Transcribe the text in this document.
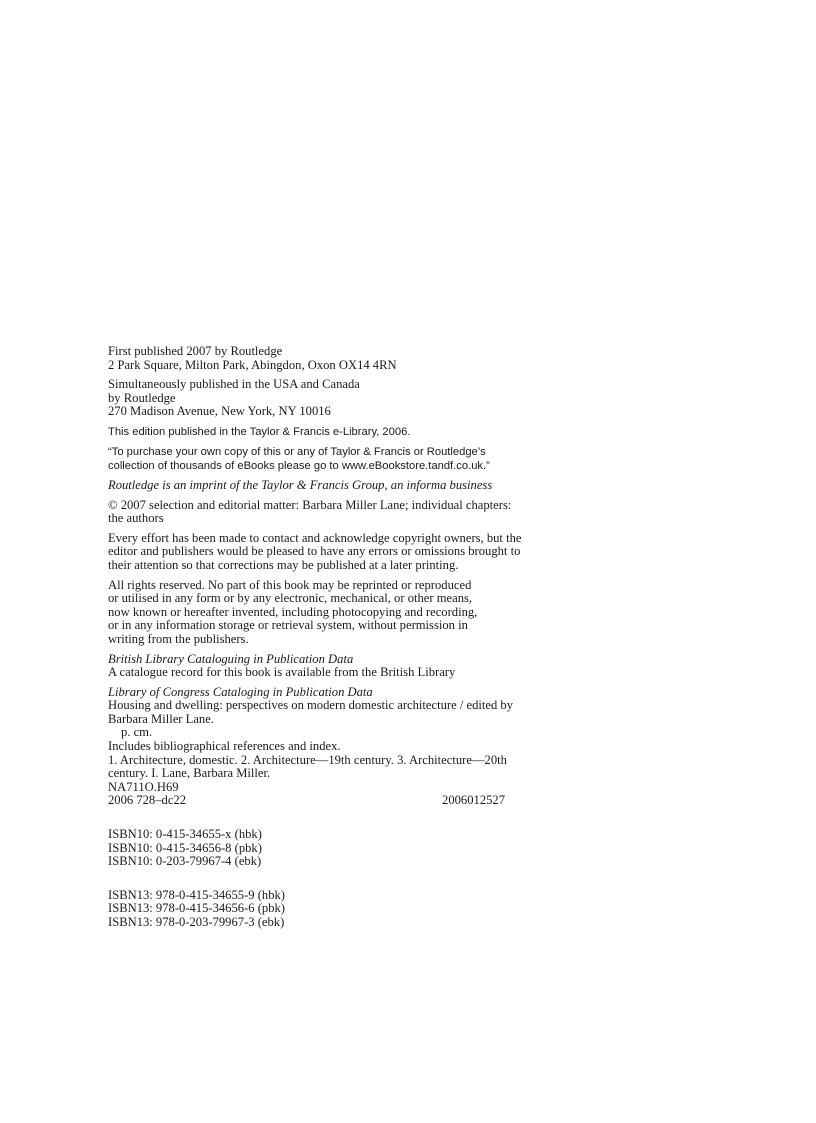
First published 2007 by Routledge
2 Park Square, Milton Park, Abingdon, Oxon OX14 4RN
Simultaneously published in the USA and Canada
by Routledge
270 Madison Avenue, New York, NY 10016
This edition published in the Taylor & Francis e-Library, 2006.
“To purchase your own copy of this or any of Taylor & Francis or Routledge’s
collection of thousands of eBooks please go to www.eBookstore.tandf.co.uk.”
Routledge is an imprint of the Taylor & Francis Group, an informa business
© 2007 selection and editorial matter: Barbara Miller Lane; individual chapters:
the authors
Every effort has been made to contact and acknowledge copyright owners, but the
editor and publishers would be pleased to have any errors or omissions brought to
their attention so that corrections may be published at a later printing.
All rights reserved. No part of this book may be reprinted or reproduced
or utilised in any form or by any electronic, mechanical, or other means,
now known or hereafter invented, including photocopying and recording,
or in any information storage or retrieval system, without permission in
writing from the publishers.
British Library Cataloguing in Publication Data
A catalogue record for this book is available from the British Library
Library of Congress Cataloging in Publication Data
Housing and dwelling: perspectives on modern domestic architecture / edited by
Barbara Miller Lane.
p. cm.
Includes bibliographical references and index.
1. Architecture, domestic. 2. Architecture—19th century. 3. Architecture—20th
century. I. Lane, Barbara Miller.
NA711O.H69
2006 728–dc22	2006012527
ISBN10: 0-415-34655-x (hbk)
ISBN10: 0-415-34656-8 (pbk)
ISBN10: 0-203-79967-4 (ebk)
ISBN13: 978-0-415-34655-9 (hbk)
ISBN13: 978-0-415-34656-6 (pbk)
ISBN13: 978-0-203-79967-3 (ebk)
